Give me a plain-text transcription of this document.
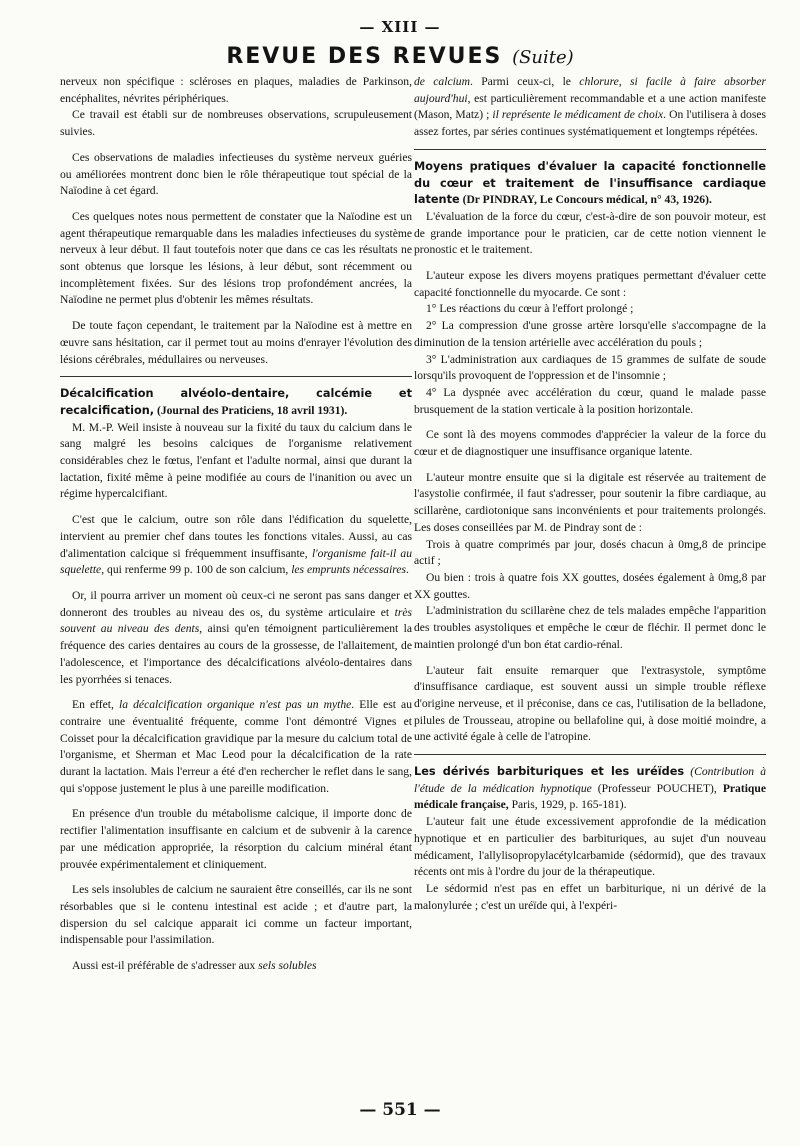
— XIII —
REVUE DES REVUES (Suite)

nerveux non spécifique : scléroses en plaques, maladies de Parkinson, encéphalites, névrites périphériques.

Ce travail est établi sur de nombreuses observations, scrupuleusement suivies.

Ces observations de maladies infectieuses du système nerveux guéries ou améliorées montrent donc bien le rôle thérapeutique tout spécial de la Naïodine à cet égard.

Ces quelques notes nous permettent de constater que la Naïodine est un agent thérapeutique remarquable dans les maladies infectieuses du système nerveux à leur début. Il faut toutefois noter que dans ce cas les résultats ne sont obtenus que lorsque les lésions, à leur début, sont récemment ou incomplètement fixées. Sur des lésions trop profondément ancrées, la Naïodine ne permet plus d'obtenir les mêmes résultats.

De toute façon cependant, le traitement par la Naïodine est à mettre en œuvre sans hésitation, car il permet tout au moins d'enrayer l'évolution des lésions cérébrales, médullaires ou nerveuses.

Décalcification alvéolo-dentaire, calcémie et recalcification, (Journal des Praticiens, 18 avril 1931).

M. M.-P. Weil insiste à nouveau sur la fixité du taux du calcium dans le sang malgré les besoins calciques de l'organisme relativement considérables chez le fœtus, l'enfant et l'adulte normal, ainsi que durant la lactation, fixité même à peine modifiée au cours de l'inanition ou avec un régime hypercalcifiant.

C'est que le calcium, outre son rôle dans l'édification du squelette, intervient au premier chef dans toutes les fonctions vitales. Aussi, au cas d'alimentation calcique si fréquemment insuffisante, l'organisme fait-il au squelette, qui renferme 99 p. 100 de son calcium, les emprunts nécessaires.

Or, il pourra arriver un moment où ceux-ci ne seront pas sans danger et donneront des troubles au niveau des os, du système articulaire et très souvent au niveau des dents, ainsi qu'en témoignent particulièrement la fréquence des caries dentaires au cours de la grossesse, de l'allaitement, de l'adolescence, et l'importance des décalcifications alvéolo-dentaires dans les pyorrhées si tenaces.

En effet, la décalcification organique n'est pas un mythe. Elle est au contraire une éventualité fréquente, comme l'ont démontré Vignes et Coisset pour la décalcification gravidique par la mesure du calcium total de l'organisme, et Sherman et Mac Leod pour la décalcification de la rate durant la lactation. Mais l'erreur a été d'en rechercher le reflet dans le sang, qui s'oppose justement le plus à une pareille modification.

En présence d'un trouble du métabolisme calcique, il importe donc de rectifier l'alimentation insuffisante en calcium et de subvenir à la carence par une médication appropriée, la résorption du calcium minéral étant prouvée expérimentalement et cliniquement.

Les sels insolubles de calcium ne sauraient être conseillés, car ils ne sont résorbables que si le contenu intestinal est acide ; et d'autre part, la dispersion du sel calcique apparait ici comme un facteur important, indispensable pour l'assimilation.

Aussi est-il préférable de s'adresser aux sels solubles

de calcium. Parmi ceux-ci, le chlorure, si facile à faire absorber aujourd'hui, est particulièrement recommandable et a une action manifeste (Mason, Matz) ; il représente le médicament de choix. On l'utilisera à doses assez fortes, par séries continues systématiquement et longtemps répétées.

Moyens pratiques d'évaluer la capacité fonctionnelle du cœur et traitement de l'insuffisance cardiaque latente (Dr PINDRAY, Le Concours médical, n° 43, 1926).

L'évaluation de la force du cœur, c'est-à-dire de son pouvoir moteur, est de grande importance pour le praticien, car de cette notion viennent le pronostic et le traitement.

L'auteur expose les divers moyens pratiques permettant d'évaluer cette capacité fonctionnelle du myocarde. Ce sont :

1° Les réactions du cœur à l'effort prolongé ;

2° La compression d'une grosse artère lorsqu'elle s'accompagne de la diminution de la tension artérielle avec accélération du pouls ;

3° L'administration aux cardiaques de 15 grammes de sulfate de soude lorsqu'ils provoquent de l'oppression et de l'insomnie ;

4° La dyspnée avec accélération du cœur, quand le malade passe brusquement de la station verticale à la position horizontale.

Ce sont là des moyens commodes d'apprécier la valeur de la force du cœur et de diagnostiquer une insuffisance organique latente.

L'auteur montre ensuite que si la digitale est réservée au traitement de l'asystolie confirmée, il faut s'adresser, pour soutenir la fibre cardiaque, au scillarène, cardiotonique sans inconvénients et pour traitements prolongés. Les doses conseillées par M. de Pindray sont de :

Trois à quatre comprimés par jour, dosés chacun à 0mg,8 de principe actif ;

Ou bien : trois à quatre fois XX gouttes, dosées également à 0mg,8 par XX gouttes.

L'administration du scillarène chez de tels malades empêche l'apparition des troubles asystoliques et empêche le cœur de fléchir. Il permet donc le maintien prolongé d'un bon état cardio-rénal.

L'auteur fait ensuite remarquer que l'extrasystole, symptôme d'insuffisance cardiaque, est souvent aussi un simple trouble réflexe d'origine nerveuse, et il préconise, dans ce cas, l'utilisation de la belladone, pilules de Trousseau, atropine ou bellafoline qui, à dose moitié moindre, a une activité égale à celle de l'atropine.

Les dérivés barbituriques et les uréïdes (Contribution à l'étude de la médication hypnotique (Professeur POUCHET), Pratique médicale française, Paris, 1929, p. 165-181).

L'auteur fait une étude excessivement approfondie de la médication hypnotique et en particulier des barbituriques, au sujet d'un nouveau médicament, l'allylisopropylacétylcarbamide (sédormid), que des travaux récents ont mis à l'ordre du jour de la thérapeutique.

Le sédormid n'est pas en effet un barbiturique, ni un dérivé de la malonylurée ; c'est un uréïde qui, à l'expéri-

— 551 —
